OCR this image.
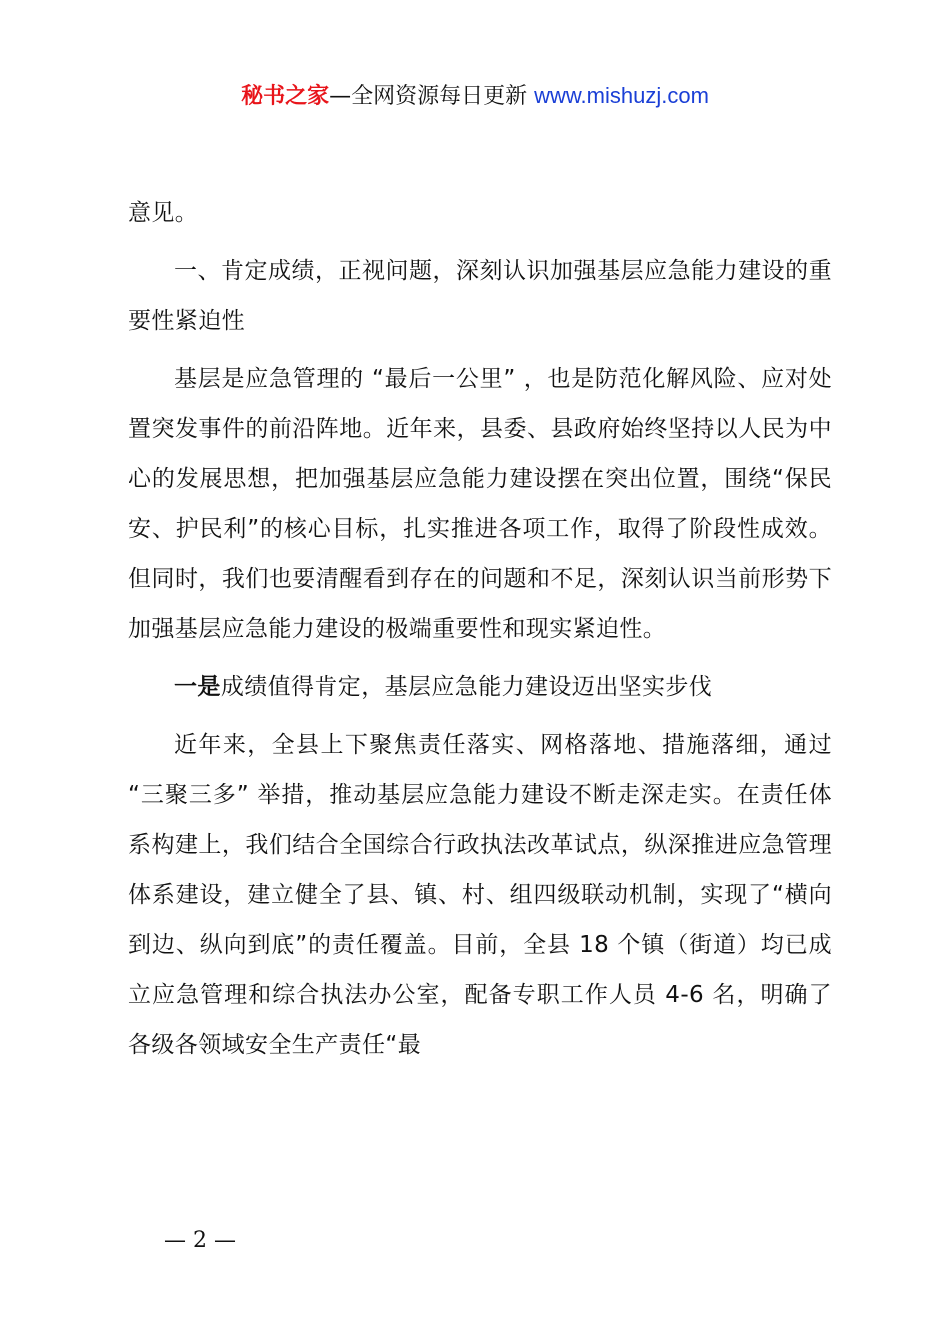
秘书之家—全网资源每日更新 www.mishuzj.com

意见。

一、肯定成绩，正视问题，深刻认识加强基层应急能力建设的重要性紧迫性

基层是应急管理的 “最后一公里” ，也是防范化解风险、应对处置突发事件的前沿阵地。近年来，县委、县政府始终坚持以人民为中心的发展思想，把加强基层应急能力建设摆在突出位置，围绕“保民安、护民利”的核心目标，扎实推进各项工作，取得了阶段性成效。但同时，我们也要清醒看到存在的问题和不足，深刻认识当前形势下加强基层应急能力建设的极端重要性和现实紧迫性。

一是成绩值得肯定，基层应急能力建设迈出坚实步伐

近年来，全县上下聚焦责任落实、网格落地、措施落细，通过 “三聚三多” 举措，推动基层应急能力建设不断走深走实。在责任体系构建上，我们结合全国综合行政执法改革试点，纵深推进应急管理体系建设，建立健全了县、镇、村、组四级联动机制，实现了“横向到边、纵向到底”的责任覆盖。目前，全县 18 个镇（街道）均已成立应急管理和综合执法办公室，配备专职工作人员 4-6 名，明确了各级各领域安全生产责任“最

— 2 —
